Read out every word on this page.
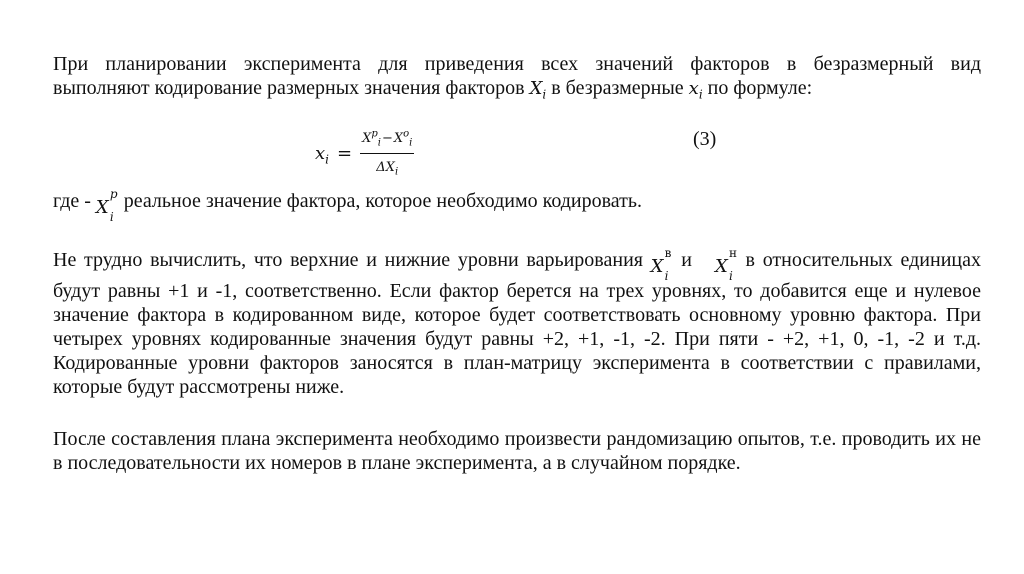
При планировании эксперимента для приведения всех значений факторов в безразмерный вид

выполняют кодирование размерных значения факторов $X_i$ в безразмерные $x_i$ по формуле:

$x_i = \frac{X^p_i-X^o_i}{\Delta X_i}$	(3)

где - X
p
i
реальное значение фактора, которое необходимо кодировать.

Не трудно вычислить, что верхние и нижние уровни варьирования X
в
i
и X
н
i
в относительных единицах будут равны +1 и -1, соответственно. Если фактор берется на трех уровнях, то добавится еще и нулевое значение фактора в кодированном виде, которое будет соответствовать основному уровню фактора. При четырех уровнях кодированные значения будут равны +2, +1, -1, -2. При пяти - +2, +1, 0, -1, -2 и т.д. Кодированные уровни факторов заносятся в план-матрицу эксперимента в соответствии с правилами, которые будут рассмотрены ниже.

После составления плана эксперимента необходимо произвести рандомизацию опытов, т.е. проводить их не в последовательности их номеров в плане эксперимента, а в случайном порядке.
